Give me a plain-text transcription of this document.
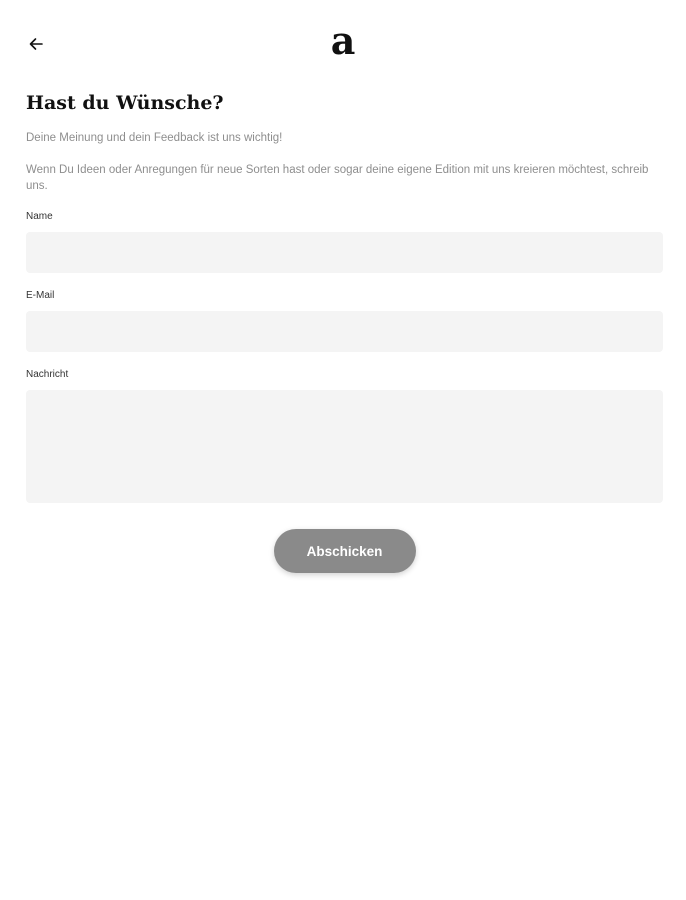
a
Hast du Wünsche?

Deine Meinung und dein Feedback ist uns wichtig!

Wenn Du Ideen oder Anregungen für neue Sorten hast oder sogar deine eigene Edition mit uns kreieren möchtest, schreib uns.

Name
E-Mail
Nachricht
Abschicken
